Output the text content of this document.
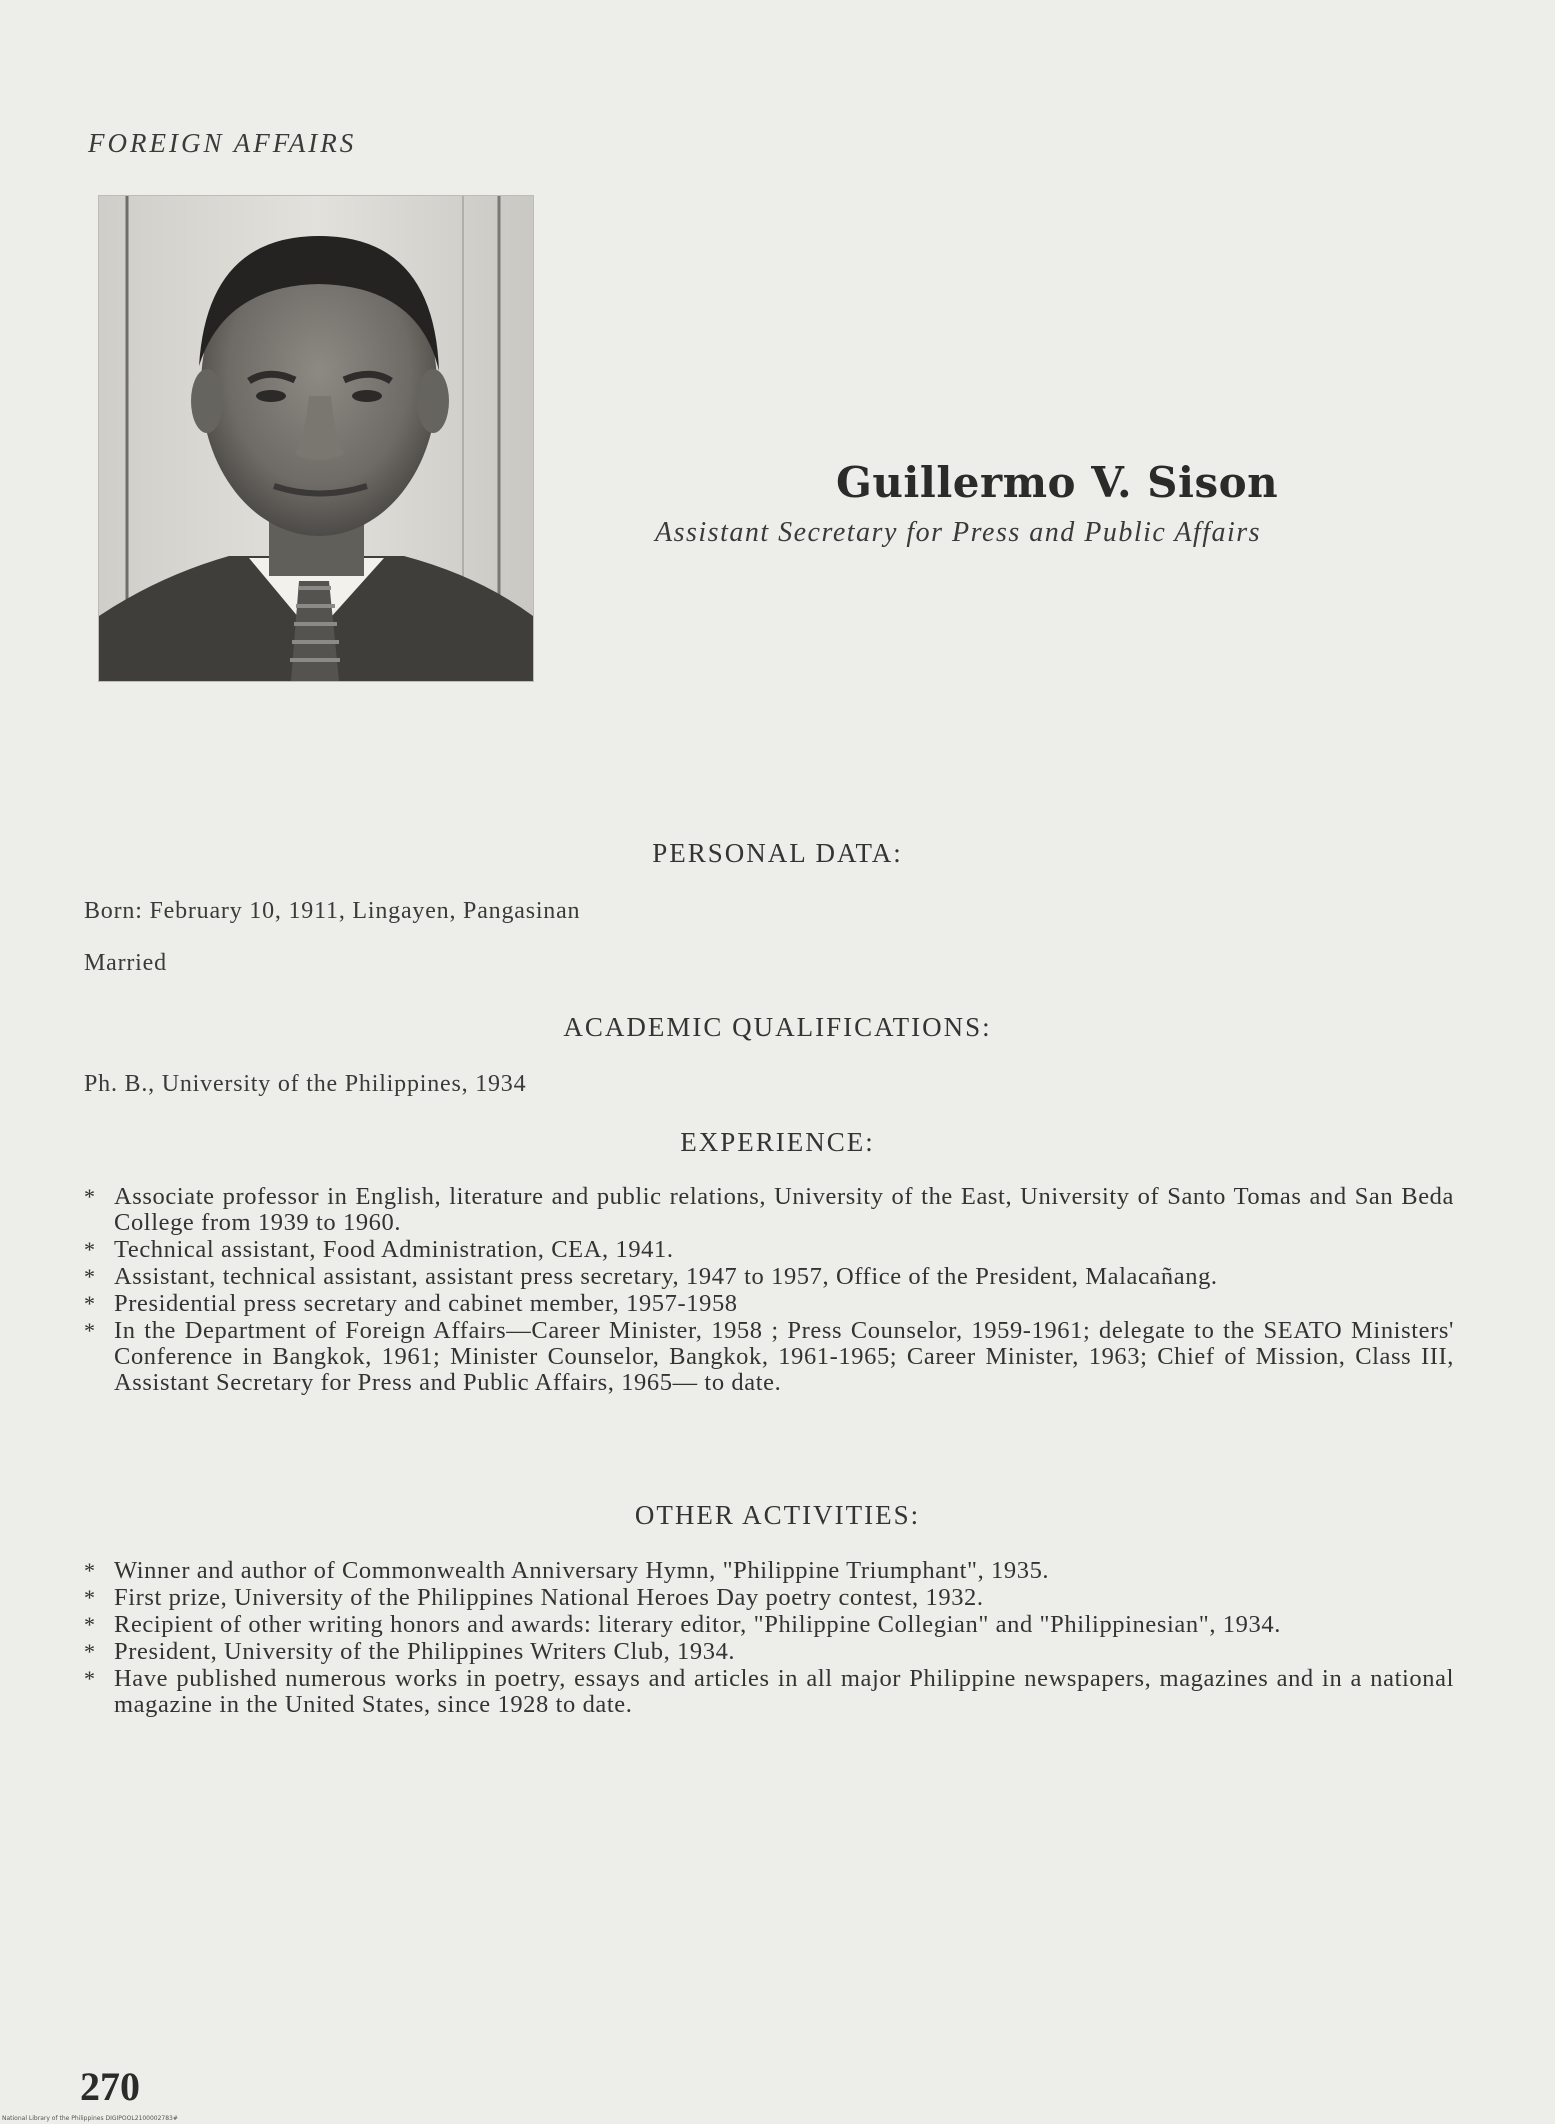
FOREIGN AFFAIRS
Guillermo V. Sison
Assistant Secretary for Press and Public Affairs
PERSONAL DATA:
Born: February 10, 1911, Lingayen, Pangasinan
Married
ACADEMIC QUALIFICATIONS:
Ph. B., University of the Philippines, 1934
EXPERIENCE:
* Associate professor in English, literature and public relations, University of the East, University of Santo Tomas and San Beda College from 1939 to 1960.
* Technical assistant, Food Administration, CEA, 1941.
* Assistant, technical assistant, assistant press secretary, 1947 to 1957, Office of the President, Malacañang.
* Presidential press secretary and cabinet member, 1957-1958
* In the Department of Foreign Affairs—Career Minister, 1958 ; Press Counselor, 1959-1961; delegate to the SEATO Ministers' Conference in Bangkok, 1961; Minister Counselor, Bangkok, 1961-1965; Career Minister, 1963; Chief of Mission, Class III, Assistant Secretary for Press and Public Affairs, 1965— to date.
OTHER ACTIVITIES:
* Winner and author of Commonwealth Anniversary Hymn, "Philippine Triumphant", 1935.
* First prize, University of the Philippines National Heroes Day poetry contest, 1932.
* Recipient of other writing honors and awards: literary editor, "Philippine Collegian" and "Philippinesian", 1934.
* President, University of the Philippines Writers Club, 1934.
* Have published numerous works in poetry, essays and articles in all major Philippine newspapers, magazines and in a national magazine in the United States, since 1928 to date.
270
National Library of the Philippines DIGIPOOL2100002783#
